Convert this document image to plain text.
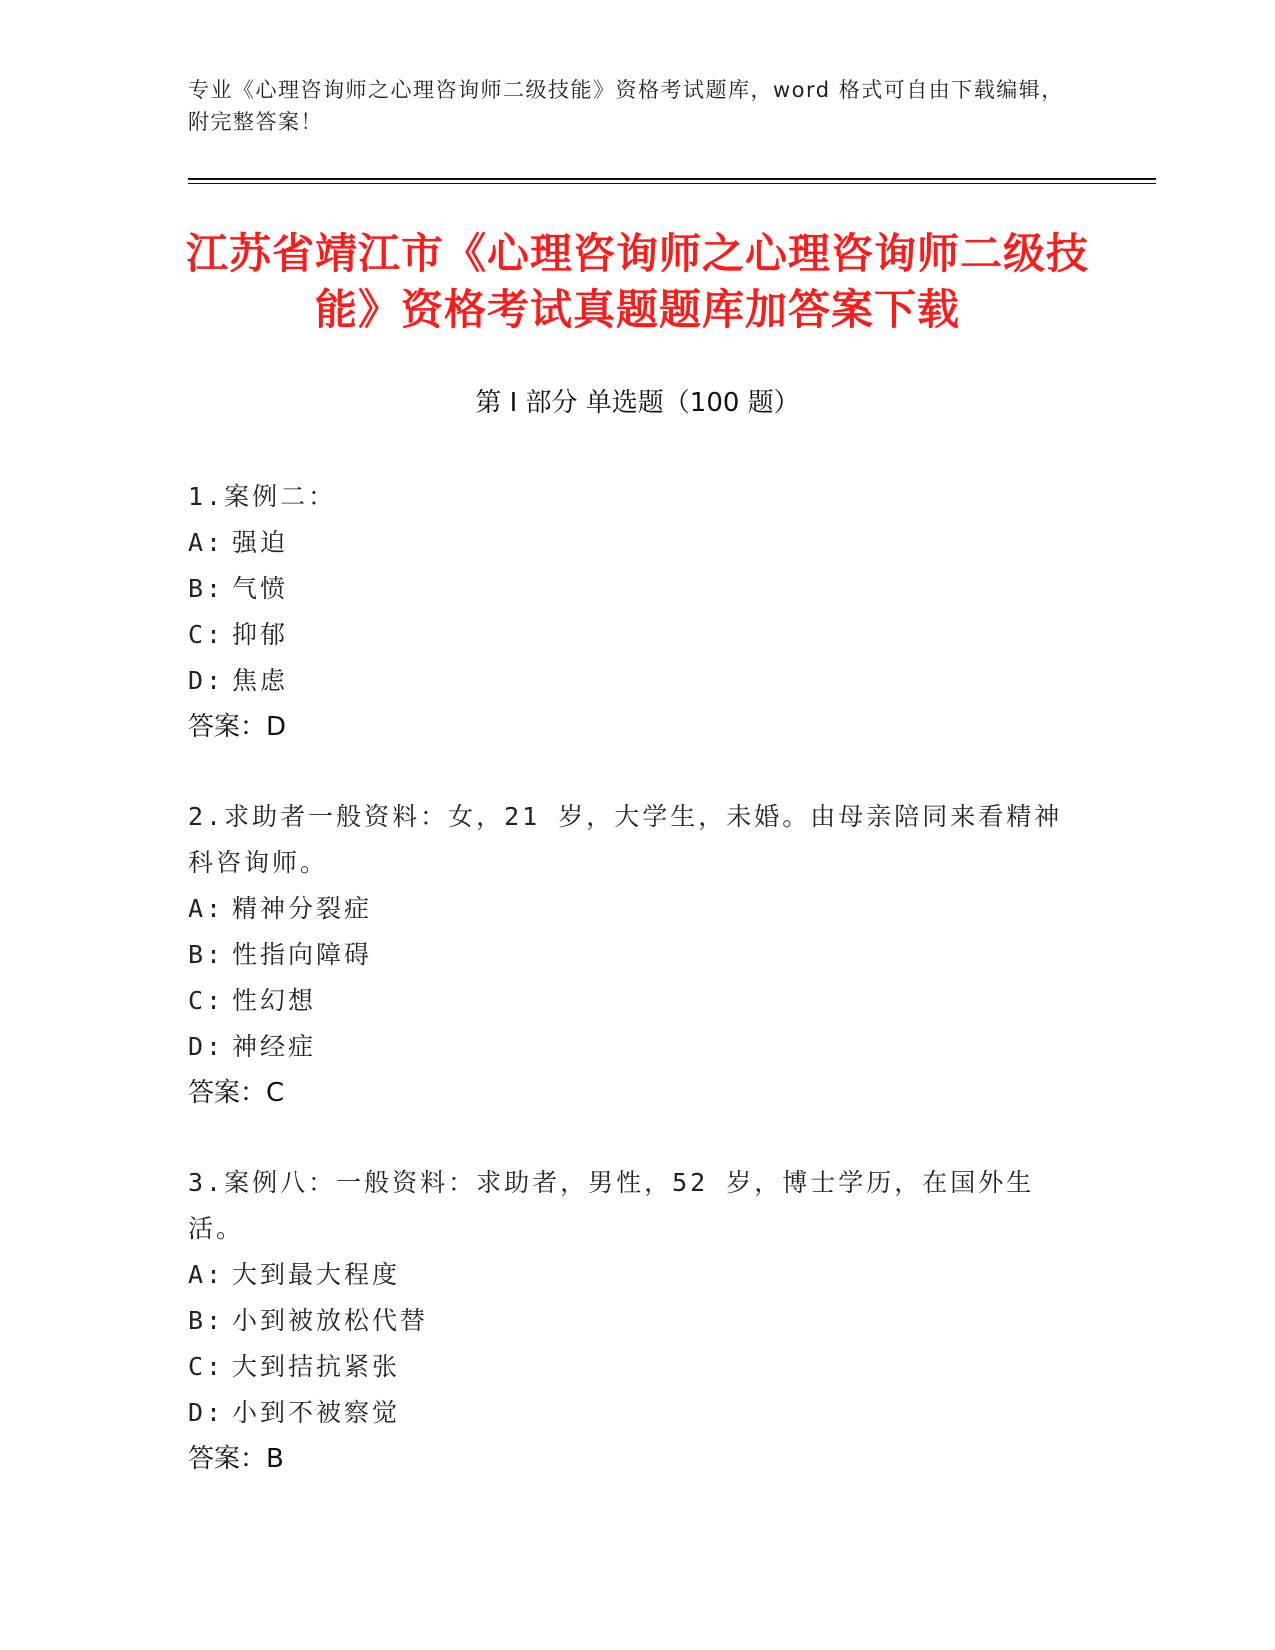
专业《心理咨询师之心理咨询师二级技能》资格考试题库，word 格式可自由下载编辑，附完整答案！
江苏省靖江市《心理咨询师之心理咨询师二级技能》资格考试真题题库加答案下载
第 I 部分 单选题（100 题）
1.案例二：
A: 强迫
B: 气愤
C: 抑郁
D: 焦虑
答案：D
2.求助者一般资料：女，21 岁，大学生，未婚。由母亲陪同来看精神科咨询师。
A: 精神分裂症
B: 性指向障碍
C: 性幻想
D: 神经症
答案：C
3.案例八：一般资料：求助者，男性，52 岁，博士学历，在国外生活。
A: 大到最大程度
B: 小到被放松代替
C: 大到拮抗紧张
D: 小到不被察觉
答案：B
